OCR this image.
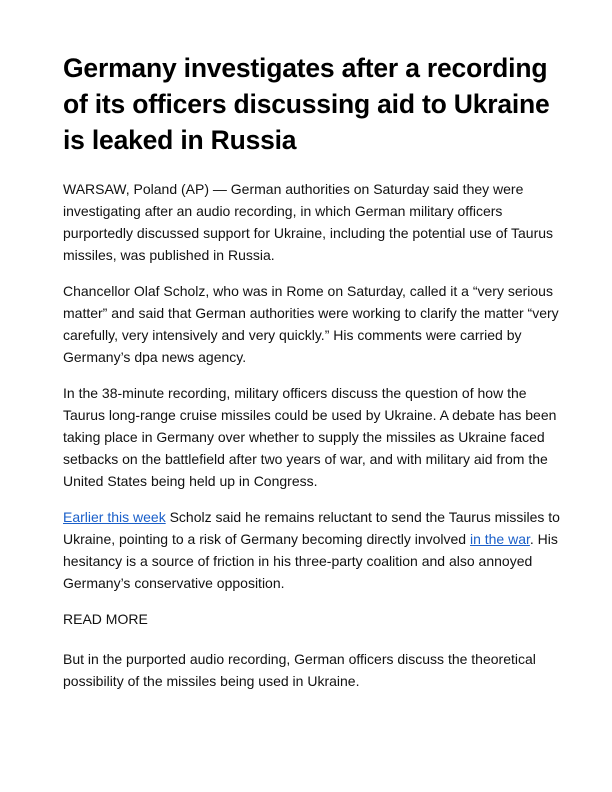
Germany investigates after a recording of its officers discussing aid to Ukraine is leaked in Russia

WARSAW, Poland (AP) — German authorities on Saturday said they were investigating after an audio recording, in which German military officers purportedly discussed support for Ukraine, including the potential use of Taurus missiles, was published in Russia.

Chancellor Olaf Scholz, who was in Rome on Saturday, called it a “very serious matter” and said that German authorities were working to clarify the matter “very carefully, very intensively and very quickly.” His comments were carried by Germany’s dpa news agency.

In the 38-minute recording, military officers discuss the question of how the Taurus long-range cruise missiles could be used by Ukraine. A debate has been taking place in Germany over whether to supply the missiles as Ukraine faced setbacks on the battlefield after two years of war, and with military aid from the United States being held up in Congress.

Earlier this week Scholz said he remains reluctant to send the Taurus missiles to Ukraine, pointing to a risk of Germany becoming directly involved in the war. His hesitancy is a source of friction in his three-party coalition and also annoyed Germany’s conservative opposition.

READ MORE

But in the purported audio recording, German officers discuss the theoretical possibility of the missiles being used in Ukraine.
